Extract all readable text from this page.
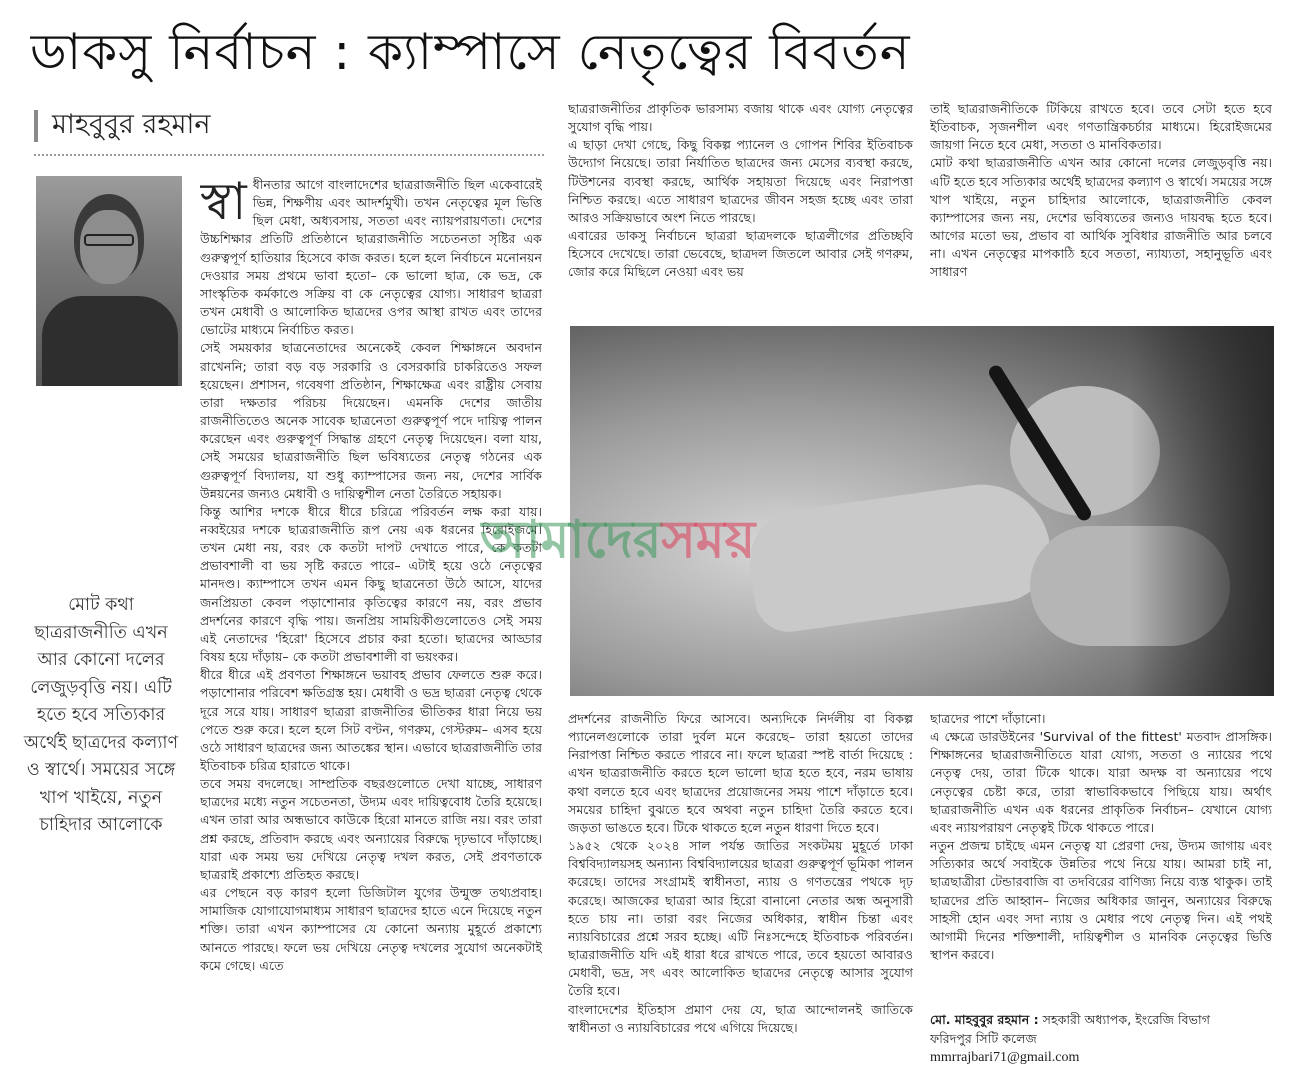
ডাকসু নির্বাচন : ক্যাম্পাসে নেতৃত্বের বিবর্তন
মাহবুবুর রহমান
মোট কথা ছাত্ররাজনীতি এখন আর কোনো দলের লেজুড়বৃত্তি নয়। এটি হতে হবে সত্যিকার অর্থেই ছাত্রদের কল্যাণ ও স্বার্থে। সময়ের সঙ্গে খাপ খাইয়ে, নতুন চাহিদার আলোকে
স্বা ধীনতার আগে বাংলাদেশের ছাত্ররাজনীতি ছিল একেবারেই ভিন্ন, শিক্ষণীয় এবং আদর্শমুখী। তখন নেতৃত্বের মূল ভিত্তি ছিল মেধা, অধ্যবসায়, সততা এবং ন্যায়পরায়ণতা। দেশের উচ্চশিক্ষার প্রতিটি প্রতিষ্ঠানে ছাত্ররাজনীতি সচেতনতা সৃষ্টির এক গুরুত্বপূর্ণ হাতিয়ার হিসেবে কাজ করত। হলে হলে নির্বাচনে মনোনয়ন দেওয়ার সময় প্রথমে ভাবা হতো– কে ভালো ছাত্র, কে ভদ্র, কে সাংস্কৃতিক কর্মকাণ্ডে সক্রিয় বা কে নেতৃত্বের যোগ্য। সাধারণ ছাত্ররা তখন মেধাবী ও আলোকিত ছাত্রদের ওপর আস্থা রাখত এবং তাদের ভোটের মাধ্যমে নির্বাচিত করত।

সেই সময়কার ছাত্রনেতাদের অনেকেই কেবল শিক্ষাঙ্গনে অবদান রাখেননি; তারা বড় বড় সরকারি ও বেসরকারি চাকরিতেও সফল হয়েছেন। প্রশাসন, গবেষণা প্রতিষ্ঠান, শিক্ষাক্ষেত্র এবং রাষ্ট্রীয় সেবায় তারা দক্ষতার পরিচয় দিয়েছেন। এমনকি দেশের জাতীয় রাজনীতিতেও অনেক সাবেক ছাত্রনেতা গুরুত্বপূর্ণ পদে দায়িত্ব পালন করেছেন এবং গুরুত্বপূর্ণ সিদ্ধান্ত গ্রহণে নেতৃত্ব দিয়েছেন। বলা যায়, সেই সময়ের ছাত্ররাজনীতি ছিল ভবিষ্যতের নেতৃত্ব গঠনের এক গুরুত্বপূর্ণ বিদ্যালয়, যা শুধু ক্যাম্পাসের জন্য নয়, দেশের সার্বিক উন্নয়নের জন্যও মেধাবী ও দায়িত্বশীল নেতা তৈরিতে সহায়ক।

কিন্তু আশির দশকে ধীরে ধীরে চরিত্রে পরিবর্তন লক্ষ করা যায়। নব্বইয়ের দশকে ছাত্ররাজনীতি রূপ নেয় এক ধরনের হিরোইজমে। তখন মেধা নয়, বরং কে কতটা দাপট দেখাতে পারে, কে কতটা প্রভাবশালী বা ভয় সৃষ্টি করতে পারে– এটাই হয়ে ওঠে নেতৃত্বের মানদণ্ড। ক্যাম্পাসে তখন এমন কিছু ছাত্রনেতা উঠে আসে, যাদের জনপ্রিয়তা কেবল পড়াশোনার কৃতিত্বের কারণে নয়, বরং প্রভাব প্রদর্শনের কারণে বৃদ্ধি পায়। জনপ্রিয় সাময়িকীগুলোতেও সেই সময় এই নেতাদের 'হিরো' হিসেবে প্রচার করা হতো। ছাত্রদের আড্ডার বিষয় হয়ে দাঁড়ায়– কে কতটা প্রভাবশালী বা ভয়ংকর।

ধীরে ধীরে এই প্রবণতা শিক্ষাঙ্গনে ভয়াবহ প্রভাব ফেলতে শুরু করে। পড়াশোনার পরিবেশ ক্ষতিগ্রস্ত হয়। মেধাবী ও ভদ্র ছাত্ররা নেতৃত্ব থেকে দূরে সরে যায়। সাধারণ ছাত্ররা রাজনীতির ভীতিকর ধারা নিয়ে ভয় পেতে শুরু করে। হলে হলে সিট বণ্টন, গণরুম, গেস্টরুম– এসব হয়ে ওঠে সাধারণ ছাত্রদের জন্য আতঙ্কের স্থান। এভাবে ছাত্ররাজনীতি তার ইতিবাচক চরিত্র হারাতে থাকে।

তবে সময় বদলেছে। সাম্প্রতিক বছরগুলোতে দেখা যাচ্ছে, সাধারণ ছাত্রদের মধ্যে নতুন সচেতনতা, উদ্যম এবং দায়িত্ববোধ তৈরি হয়েছে। এখন তারা আর অন্ধভাবে কাউকে হিরো মানতে রাজি নয়। বরং তারা প্রশ্ন করছে, প্রতিবাদ করছে এবং অন্যায়ের বিরুদ্ধে দৃঢ়ভাবে দাঁড়াচ্ছে। যারা এক সময় ভয় দেখিয়ে নেতৃত্ব দখল করত, সেই প্রবণতাকে ছাত্ররাই প্রকাশ্যে প্রতিহত করছে।

এর পেছনে বড় কারণ হলো ডিজিটাল যুগের উন্মুক্ত তথ্যপ্রবাহ। সামাজিক যোগাযোগমাধ্যম সাধারণ ছাত্রদের হাতে এনে দিয়েছে নতুন শক্তি। তারা এখন ক্যাম্পাসের যে কোনো অন্যায় মুহূর্তে প্রকাশ্যে আনতে পারছে। ফলে ভয় দেখিয়ে নেতৃত্ব দখলের সুযোগ অনেকটাই কমে গেছে। এতে

ছাত্ররাজনীতির প্রাকৃতিক ভারসাম্য বজায় থাকে এবং যোগ্য নেতৃত্বের সুযোগ বৃদ্ধি পায়।

এ ছাড়া দেখা গেছে, কিছু বিকল্প প্যানেল ও গোপন শিবির ইতিবাচক উদ্যোগ নিয়েছে। তারা নির্যাতিত ছাত্রদের জন্য মেসের ব্যবস্থা করছে, টিউশনের ব্যবস্থা করছে, আর্থিক সহায়তা দিয়েছে এবং নিরাপত্তা নিশ্চিত করছে। এতে সাধারণ ছাত্রদের জীবন সহজ হচ্ছে এবং তারা আরও সক্রিয়ভাবে অংশ নিতে পারছে।

এবারের ডাকসু নির্বাচনে ছাত্ররা ছাত্রদলকে ছাত্রলীগের প্রতিচ্ছবি হিসেবে দেখেছে। তারা ভেবেছে, ছাত্রদল জিতলে আবার সেই গণরুম, জোর করে মিছিলে নেওয়া এবং ভয়

তাই ছাত্ররাজনীতিকে টিকিয়ে রাখতে হবে। তবে সেটা হতে হবে ইতিবাচক, সৃজনশীল এবং গণতান্ত্রিকচর্চার মাধ্যমে। হিরোইজমের জায়গা নিতে হবে মেধা, সততা ও মানবিকতার।

মোট কথা ছাত্ররাজনীতি এখন আর কোনো দলের লেজুড়বৃত্তি নয়। এটি হতে হবে সত্যিকার অর্থেই ছাত্রদের কল্যাণ ও স্বার্থে। সময়ের সঙ্গে খাপ খাইয়ে, নতুন চাহিদার আলোকে, ছাত্ররাজনীতি কেবল ক্যাম্পাসের জন্য নয়, দেশের ভবিষ্যতের জন্যও দায়বদ্ধ হতে হবে। আগের মতো ভয়, প্রভাব বা আর্থিক সুবিধার রাজনীতি আর চলবে না। এখন নেতৃত্বের মাপকাঠি হবে সততা, ন্যায্যতা, সহানুভূতি এবং সাধারণ

আমাদেরসময়

প্রদর্শনের রাজনীতি ফিরে আসবে। অন্যদিকে নির্দলীয় বা বিকল্প প্যানেলগুলোকে তারা দুর্বল মনে করেছে– তারা হয়তো তাদের নিরাপত্তা নিশ্চিত করতে পারবে না। ফলে ছাত্ররা স্পষ্ট বার্তা দিয়েছে : এখন ছাত্ররাজনীতি করতে হলে ভালো ছাত্র হতে হবে, নরম ভাষায় কথা বলতে হবে এবং ছাত্রদের প্রয়োজনের সময় পাশে দাঁড়াতে হবে। সময়ের চাহিদা বুঝতে হবে অথবা নতুন চাহিদা তৈরি করতে হবে। জড়তা ভাঙতে হবে। টিকে থাকতে হলে নতুন ধারণা দিতে হবে।

১৯৫২ থেকে ২০২৪ সাল পর্যন্ত জাতির সংকটময় মুহূর্তে ঢাকা বিশ্ববিদ্যালয়সহ অন্যান্য বিশ্ববিদ্যালয়ের ছাত্ররা গুরুত্বপূর্ণ ভূমিকা পালন করেছে। তাদের সংগ্রামই স্বাধীনতা, ন্যায় ও গণতন্ত্রের পথকে দৃঢ় করেছে। আজকের ছাত্ররা আর হিরো বানানো নেতার অন্ধ অনুসারী হতে চায় না। তারা বরং নিজের অধিকার, স্বাধীন চিন্তা এবং ন্যায়বিচারের প্রশ্নে সরব হচ্ছে। এটি নিঃসন্দেহে ইতিবাচক পরিবর্তন। ছাত্ররাজনীতি যদি এই ধারা ধরে রাখতে পারে, তবে হয়তো আবারও মেধাবী, ভদ্র, সৎ এবং আলোকিত ছাত্রদের নেতৃত্বে আসার সুযোগ তৈরি হবে।

বাংলাদেশের ইতিহাস প্রমাণ দেয় যে, ছাত্র আন্দোলনই জাতিকে স্বাধীনতা ও ন্যায়বিচারের পথে এগিয়ে দিয়েছে।

ছাত্রদের পাশে দাঁড়ানো।

এ ক্ষেত্রে ডারউইনের 'Survival of the fittest' মতবাদ প্রাসঙ্গিক। শিক্ষাঙ্গনের ছাত্ররাজনীতিতে যারা যোগ্য, সততা ও ন্যায়ের পথে নেতৃত্ব দেয়, তারা টিকে থাকে। যারা অদক্ষ বা অন্যায়ের পথে নেতৃত্বের চেষ্টা করে, তারা স্বাভাবিকভাবে পিছিয়ে যায়। অর্থাৎ ছাত্ররাজনীতি এখন এক ধরনের প্রাকৃতিক নির্বাচন– যেখানে যোগ্য এবং ন্যায়পরায়ণ নেতৃত্বই টিকে থাকতে পারে।

নতুন প্রজন্ম চাইছে এমন নেতৃত্ব যা প্রেরণা দেয়, উদ্যম জাগায় এবং সত্যিকার অর্থে সবাইকে উন্নতির পথে নিয়ে যায়। আমরা চাই না, ছাত্রছাত্রীরা টেন্ডারবাজি বা তদবিরের বাণিজ্য নিয়ে ব্যস্ত থাকুক। তাই ছাত্রদের প্রতি আহ্বান– নিজের অধিকার জানুন, অন্যায়ের বিরুদ্ধে সাহসী হোন এবং সদা ন্যায় ও মেধার পথে নেতৃত্ব দিন। এই পথই আগামী দিনের শক্তিশালী, দায়িত্বশীল ও মানবিক নেতৃত্বের ভিত্তি স্থাপন করবে।

মো. মাহবুবুর রহমান : সহকারী অধ্যাপক, ইংরেজি বিভাগ
ফরিদপুর সিটি কলেজ
mmrrajbari71@gmail.com
